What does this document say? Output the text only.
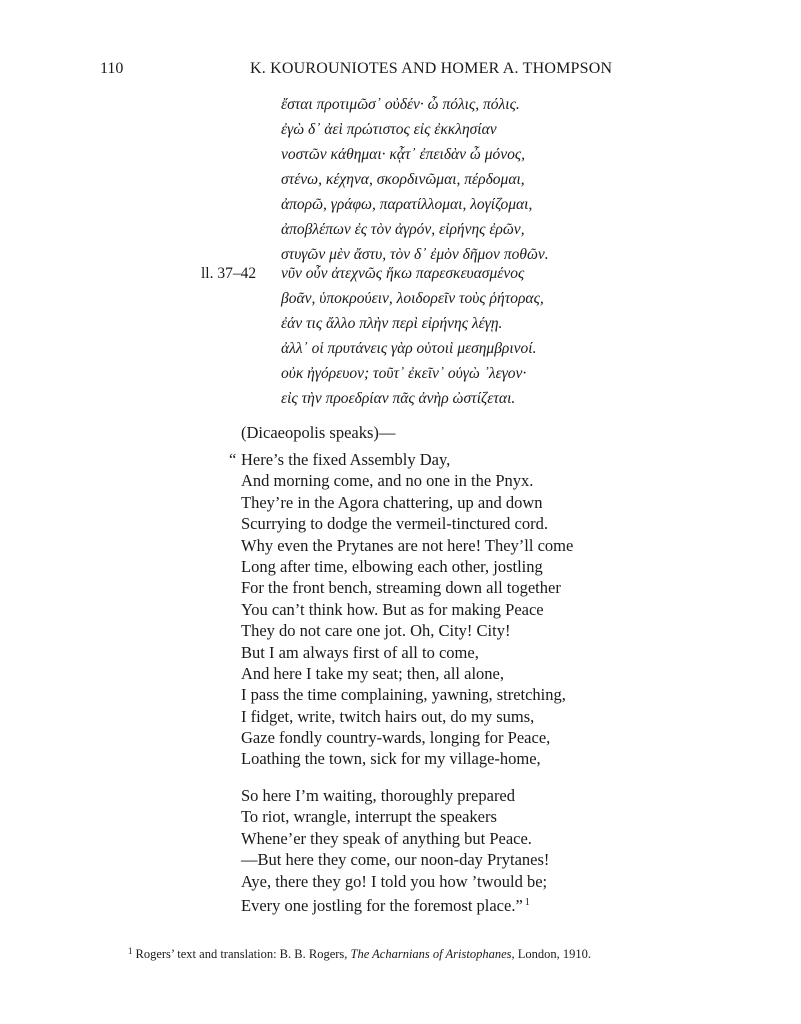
110	K. KOUROUNIOTES AND HOMER A. THOMPSON
ἔσται προτιμῶσ᾽ οὐδέν· ὦ πόλις, πόλις.
ἐγὼ δ᾽ ἀεὶ πρώτιστος εἰς ἐκκλησίαν
νοστῶν κάθημαι· κᾆτ᾽ ἐπειδὰν ὦ μόνος,
στένω, κέχηνα, σκορδινῶμαι, πέρδομαι,
ἀπορῶ, γράφω, παρατίλλομαι, λογίζομαι,
ἀποβλέπων ἐς τὸν ἀγρόν, εἰρήνης ἐρῶν,
στυγῶν μὲν ἄστυ, τὸν δ᾽ ἐμὸν δῆμον ποθῶν.
ll. 37–42 νῦν οὖν ἀτεχνῶς ἥκω παρεσκευασμένος
βοᾶν, ὑποκρούειν, λοιδορεῖν τοὺς ῥήτορας,
ἐάν τις ἄλλο πλὴν περὶ εἰρήνης λέγῃ.
ἀλλ᾽ οἱ πρυτάνεις γὰρ οὑτοιὶ μεσημβρινοί.
οὐκ ἠγόρευον; τοῦτ᾽ ἐκεῖν᾽ οὑγὼ ᾽λεγον·
εἰς τὴν προεδρίαν πᾶς ἀνὴρ ὠστίζεται.
(Dicaeopolis speaks)—
“ Here’s the fixed Assembly Day,
And morning come, and no one in the Pnyx.
They’re in the Agora chattering, up and down
Scurrying to dodge the vermeil-tinctured cord.
Why even the Prytanes are not here! They’ll come
Long after time, elbowing each other, jostling
For the front bench, streaming down all together
You can’t think how. But as for making Peace
They do not care one jot. Oh, City! City!
But I am always first of all to come,
And here I take my seat; then, all alone,
I pass the time complaining, yawning, stretching,
I fidget, write, twitch hairs out, do my sums,
Gaze fondly country-wards, longing for Peace,
Loathing the town, sick for my village-home,
So here I’m waiting, thoroughly prepared
To riot, wrangle, interrupt the speakers
Whene’er they speak of anything but Peace.
—But here they come, our noon-day Prytanes!
Aye, there they go! I told you how ’twould be;
Every one jostling for the foremost place.” $^1$
$^1$ Rogers’ text and translation: B. B. Rogers, The Acharnians of Aristophanes, London, 1910.
